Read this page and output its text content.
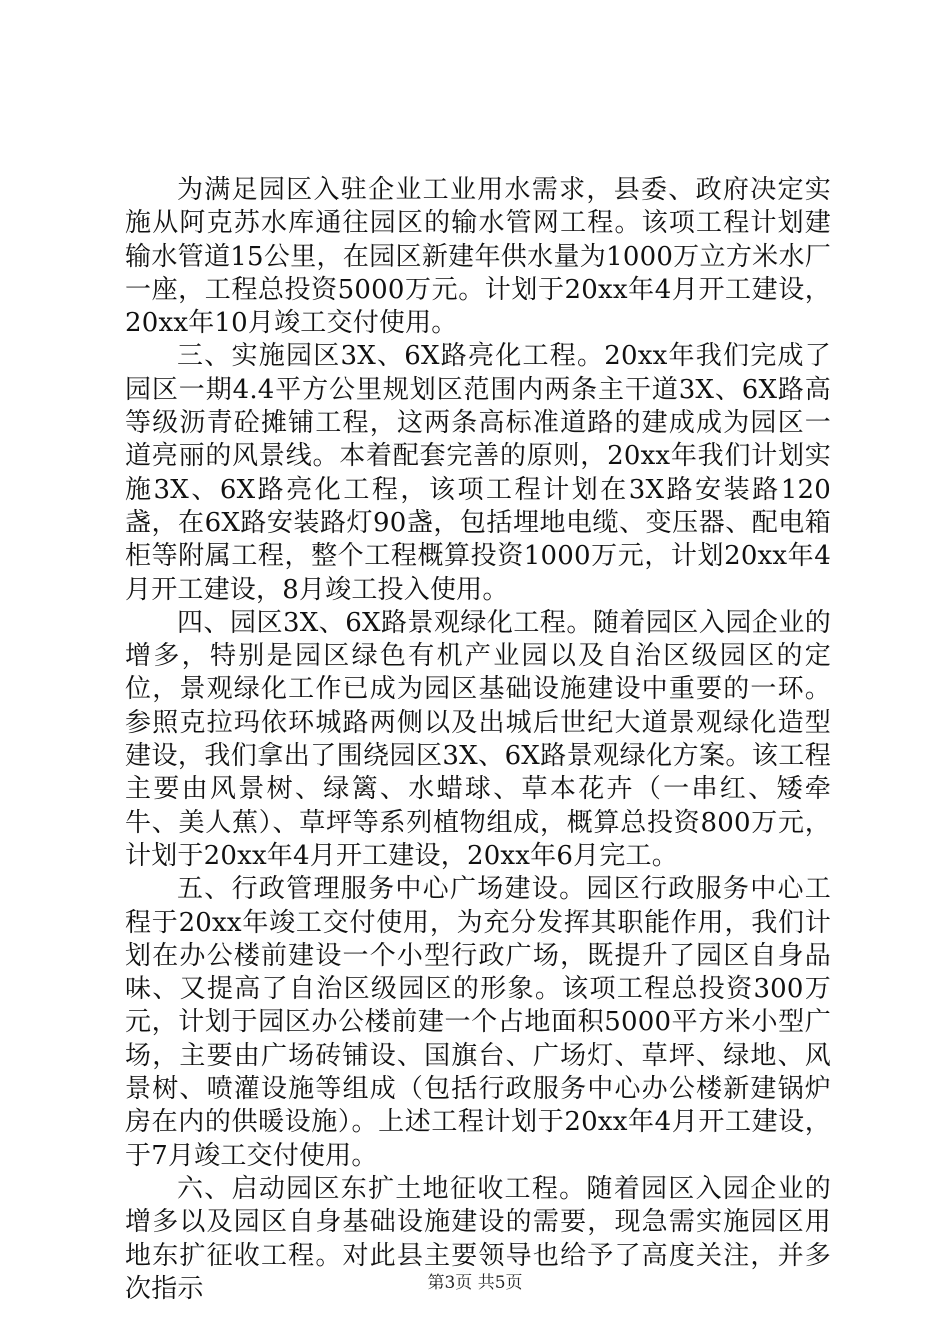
为满足园区入驻企业工业用水需求，县委、政府决定实施从阿克苏水库通往园区的输水管网工程。该项工程计划建输水管道15公里，在园区新建年供水量为1000万立方米水厂一座，工程总投资5000万元。计划于20xx年4月开工建设，20xx年10月竣工交付使用。

三、实施园区3X、6X路亮化工程。20xx年我们完成了园区一期4.4平方公里规划区范围内两条主干道3X、6X路高等级沥青砼摊铺工程，这两条高标准道路的建成成为园区一道亮丽的风景线。本着配套完善的原则，20xx年我们计划实施3X、6X路亮化工程，该项工程计划在3X路安装路120盏，在6X路安装路灯90盏，包括埋地电缆、变压器、配电箱柜等附属工程，整个工程概算投资1000万元，计划20xx年4月开工建设，8月竣工投入使用。

四、园区3X、6X路景观绿化工程。随着园区入园企业的增多，特别是园区绿色有机产业园以及自治区级园区的定位，景观绿化工作已成为园区基础设施建设中重要的一环。参照克拉玛依环城路两侧以及出城后世纪大道景观绿化造型建设，我们拿出了围绕园区3X、6X路景观绿化方案。该工程主要由风景树、绿篱、水蜡球、草本花卉（一串红、矮牵牛、美人蕉）、草坪等系列植物组成，概算总投资800万元，计划于20xx年4月开工建设，20xx年6月完工。

五、行政管理服务中心广场建设。园区行政服务中心工程于20xx年竣工交付使用，为充分发挥其职能作用，我们计划在办公楼前建设一个小型行政广场，既提升了园区自身品味、又提高了自治区级园区的形象。该项工程总投资300万元，计划于园区办公楼前建一个占地面积5000平方米小型广场，主要由广场砖铺设、国旗台、广场灯、草坪、绿地、风景树、喷灌设施等组成（包括行政服务中心办公楼新建锅炉房在内的供暖设施）。上述工程计划于20xx年4月开工建设，于7月竣工交付使用。

六、启动园区东扩土地征收工程。随着园区入园企业的增多以及园区自身基础设施建设的需要，现急需实施园区用地东扩征收工程。对此县主要领导也给予了高度关注，并多次指示	第3页 共5页
